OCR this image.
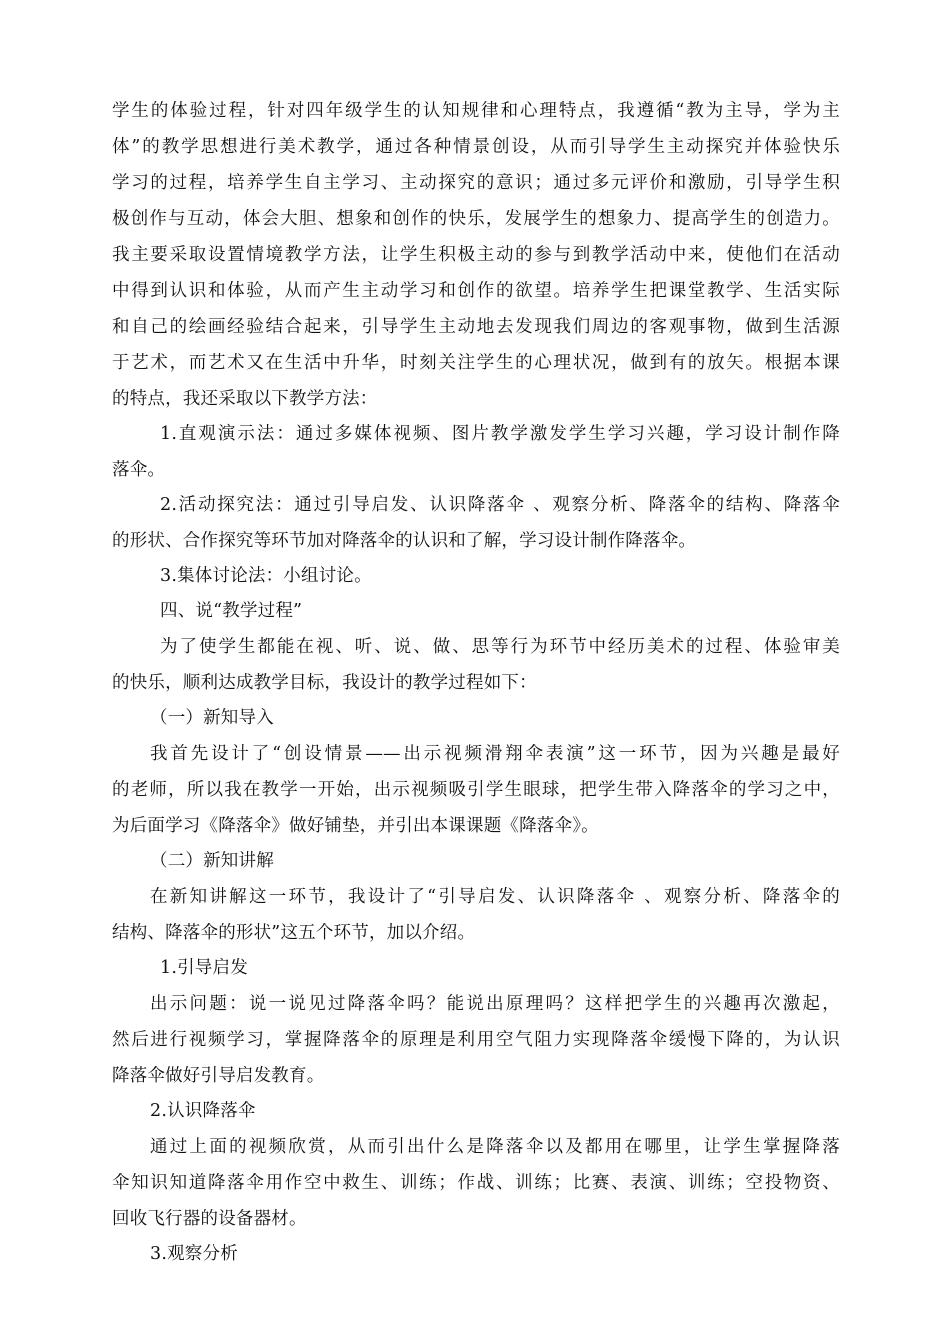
学生的体验过程，针对四年级学生的认知规律和心理特点，我遵循“教为主导，学为主
体”的教学思想进行美术教学，通过各种情景创设，从而引导学生主动探究并体验快乐
学习的过程，培养学生自主学习、主动探究的意识；通过多元评价和激励，引导学生积
极创作与互动，体会大胆、想象和创作的快乐，发展学生的想象力、提高学生的创造力。
我主要采取设置情境教学方法，让学生积极主动的参与到教学活动中来，使他们在活动
中得到认识和体验，从而产生主动学习和创作的欲望。培养学生把课堂教学、生活实际
和自己的绘画经验结合起来，引导学生主动地去发现我们周边的客观事物，做到生活源
于艺术，而艺术又在生活中升华，时刻关注学生的心理状况，做到有的放矢。根据本课
的特点，我还采取以下教学方法：
1.直观演示法：通过多媒体视频、图片教学激发学生学习兴趣，学习设计制作降
落伞。
2.活动探究法：通过引导启发、认识降落伞 、观察分析、降落伞的结构、降落伞
的形状、合作探究等环节加对降落伞的认识和了解，学习设计制作降落伞。
3.集体讨论法：小组讨论。
四、说“教学过程”
为了使学生都能在视、听、说、做、思等行为环节中经历美术的过程、体验审美
的快乐，顺利达成教学目标，我设计的教学过程如下：
（一）新知导入
我首先设计了“创设情景——出示视频滑翔伞表演”这一环节，因为兴趣是最好
的老师，所以我在教学一开始，出示视频吸引学生眼球，把学生带入降落伞的学习之中，
为后面学习《降落伞》做好铺垫，并引出本课课题《降落伞》。
（二）新知讲解
在新知讲解这一环节，我设计了“引导启发、认识降落伞 、观察分析、降落伞的
结构、降落伞的形状”这五个环节，加以介绍。
1.引导启发
出示问题：说一说见过降落伞吗？能说出原理吗？这样把学生的兴趣再次激起，
然后进行视频学习，掌握降落伞的原理是利用空气阻力实现降落伞缓慢下降的，为认识
降落伞做好引导启发教育。
2.认识降落伞
通过上面的视频欣赏，从而引出什么是降落伞以及都用在哪里，让学生掌握降落
伞知识知道降落伞用作空中救生、训练；作战、训练；比赛、表演、训练；空投物资、
回收飞行器的设备器材。
3.观察分析
